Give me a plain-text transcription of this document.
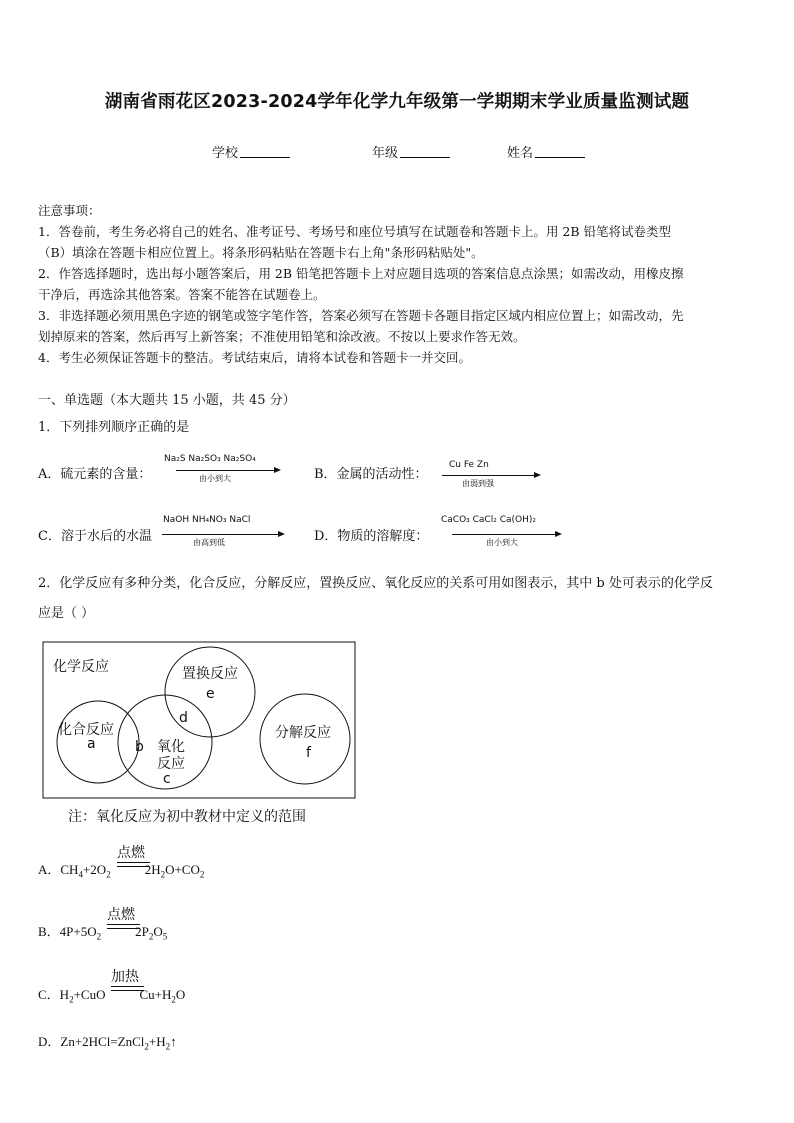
湖南省雨花区2023-2024学年化学九年级第一学期期末学业质量监测试题
学校	年级	姓名
注意事项：
1．答卷前，考生务必将自己的姓名、准考证号、考场号和座位号填写在试题卷和答题卡上。用 2B 铅笔将试卷类型
（B）填涂在答题卡相应位置上。将条形码粘贴在答题卡右上角"条形码粘贴处"。
2．作答选择题时，选出每小题答案后，用 2B 铅笔把答题卡上对应题目选项的答案信息点涂黑；如需改动，用橡皮擦
干净后，再选涂其他答案。答案不能答在试题卷上。
3．非选择题必须用黑色字迹的钢笔或签字笔作答，答案必须写在答题卡各题目指定区域内相应位置上；如需改动，先
划掉原来的答案，然后再写上新答案；不准使用铅笔和涂改液。不按以上要求作答无效。
4．考生必须保证答题卡的整洁。考试结束后，请将本试卷和答题卡一并交回。
一、单选题（本大题共 15 小题，共 45 分）
1．下列排列顺序正确的是
A．硫元素的含量：
Na₂S Na₂SO₃ Na₂SO₄
由小到大	B．金属的活动性：
Cu Fe Zn
由弱到强
C．溶于水后的水温
NaOH NH₄NO₃ NaCl
由高到低	D．物质的溶解度：
CaCO₃ CaCl₂ Ca(OH)₂
由小到大
2．化学反应有多种分类，化合反应，分解反应，置换反应、氧化反应的关系可用如图表示，其中 b 处可表示的化学反
应是（ ）
化学反应	置换反应
化合反应
氧化
反应
分解反应
a	b
c
d
e
f
注：氧化反应为初中教材中定义的范围
A．$CH_4+2O_2$	$2H_2O+CO_2$
点燃
B．$4P+5O_2$	$2P_2O_5$
点燃
C．$H_2+CuO$	$Cu+H_2O$
加热
D．$Zn+2HCl=ZnCl_2+H_2↑$
